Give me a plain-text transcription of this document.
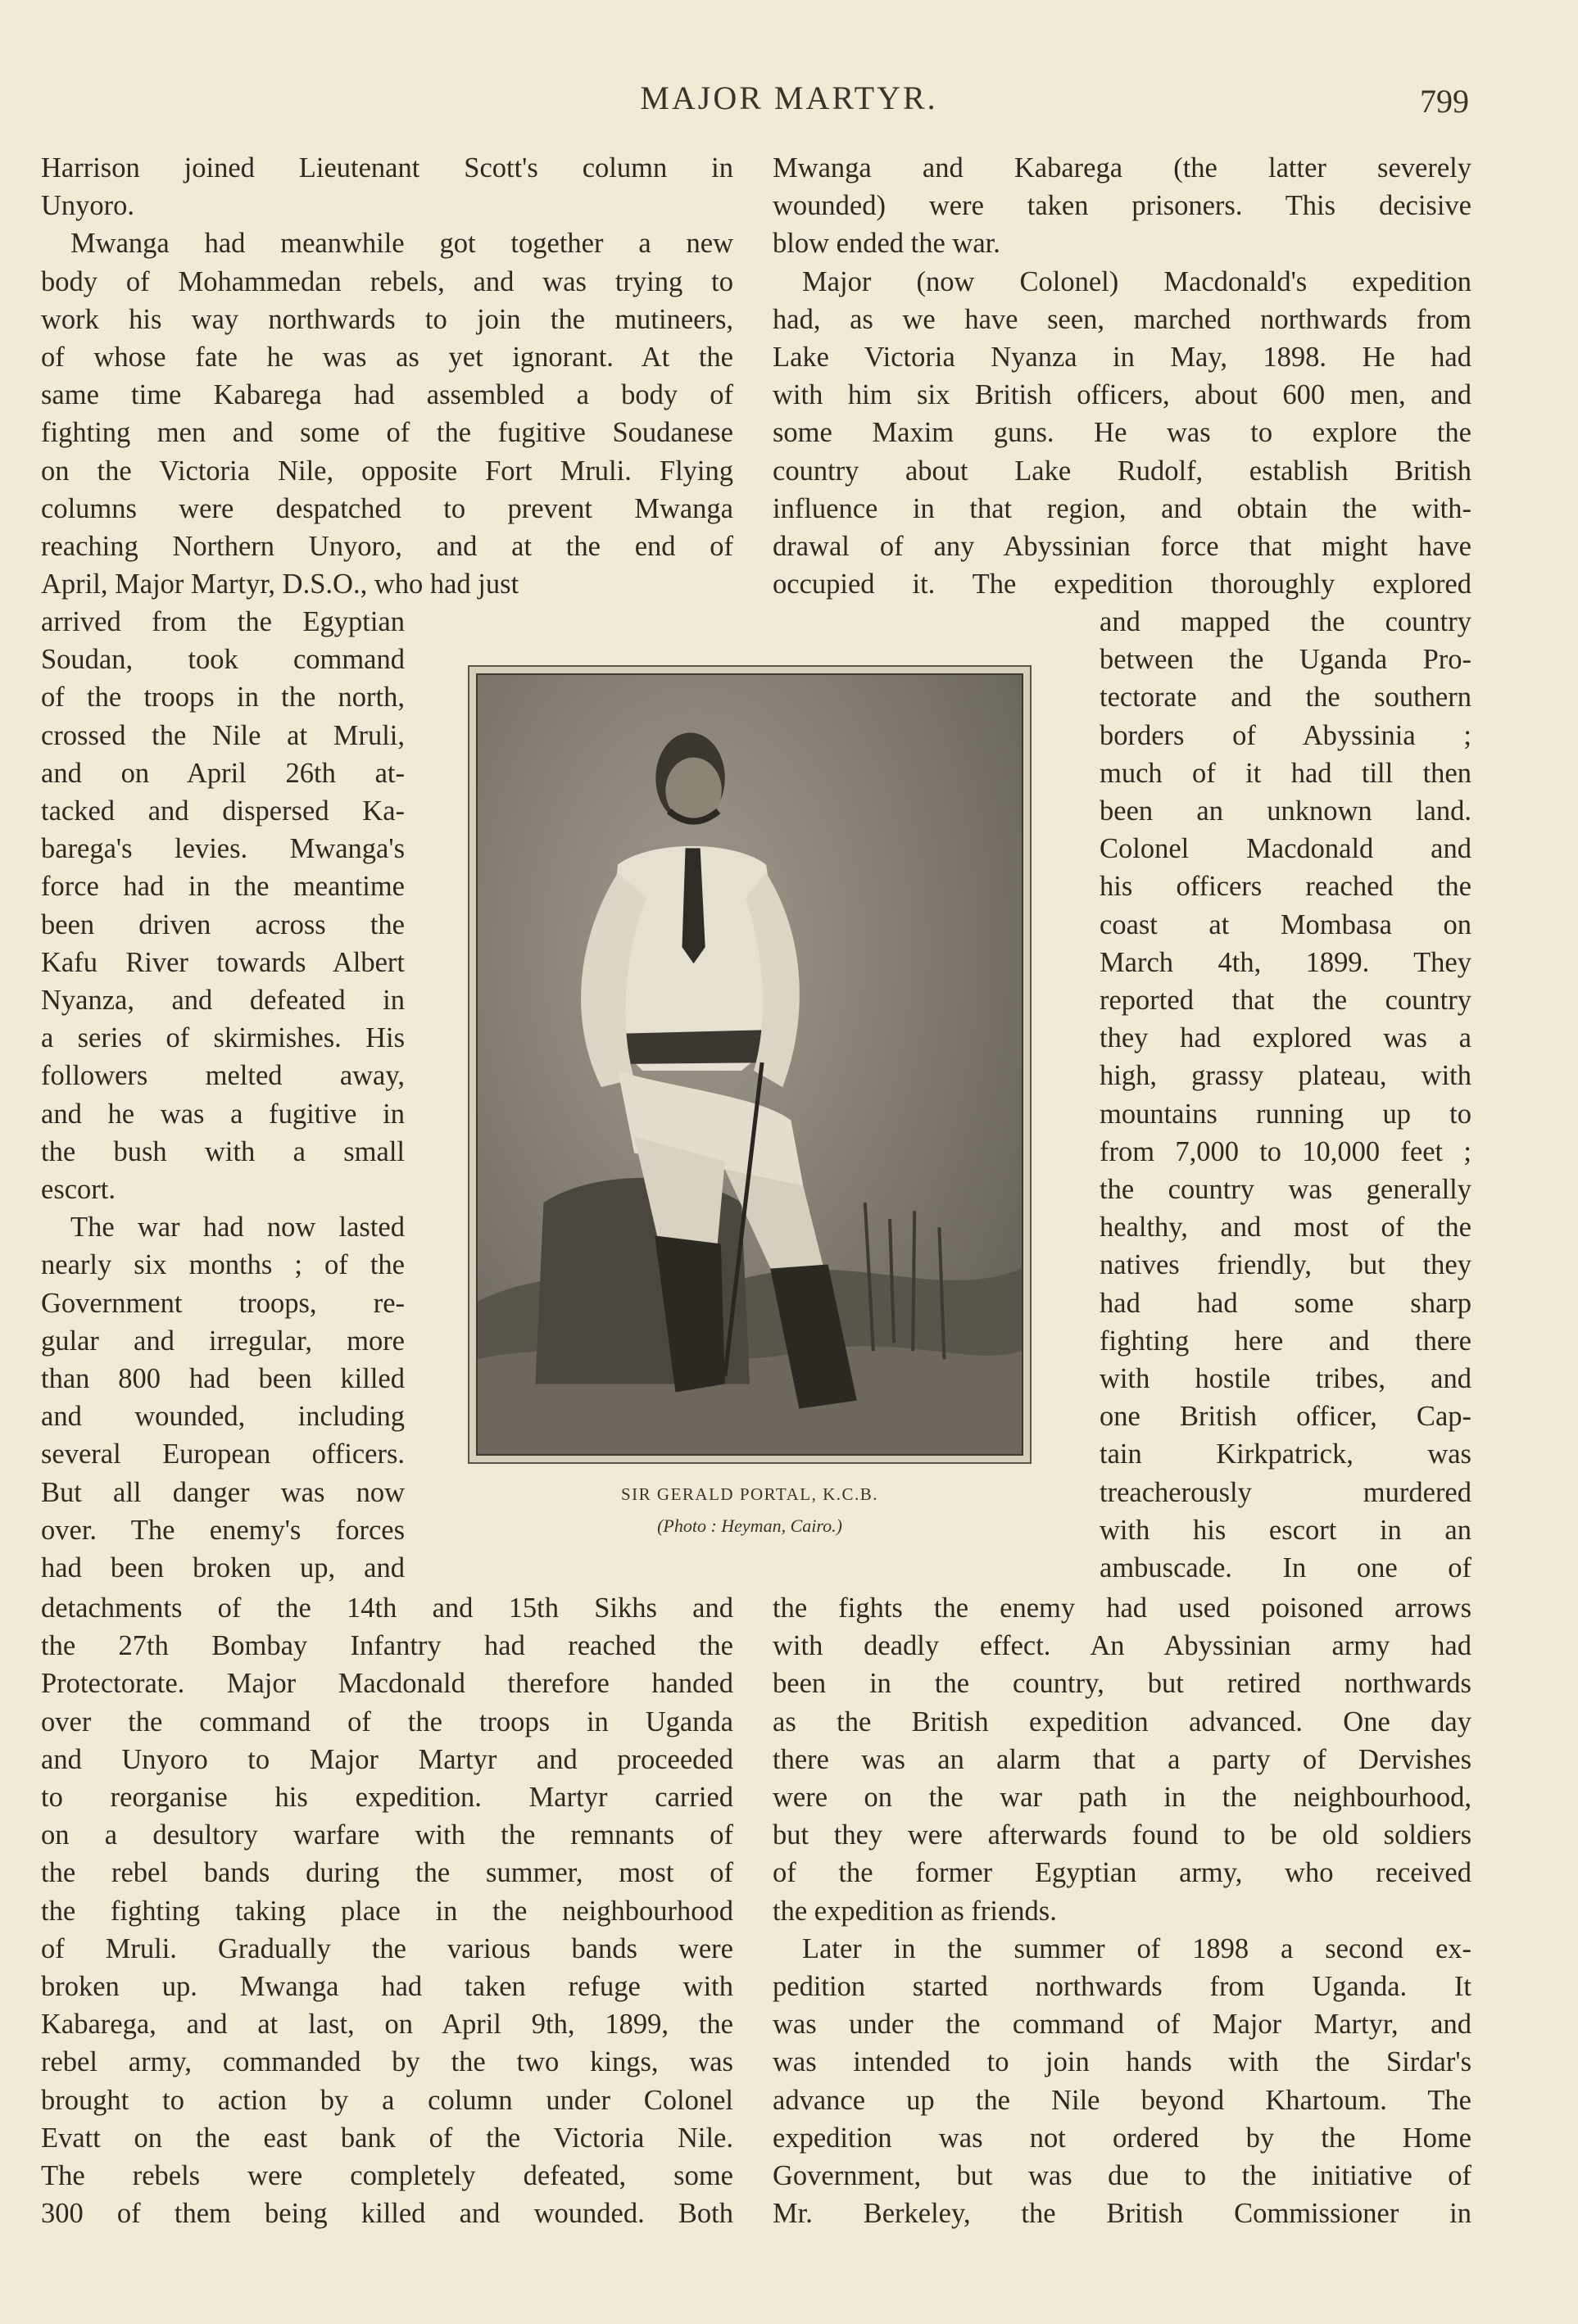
MAJOR MARTYR.	799
Harrison joined Lieutenant Scott's column in
Unyoro.
Mwanga had meanwhile got together a new
body of Mohammedan rebels, and was trying to
work his way northwards to join the mutineers,
of whose fate he was as yet ignorant. At the
same time Kabarega had assembled a body of
fighting men and some of the fugitive Soudanese
on the Victoria Nile, opposite Fort Mruli. Flying
columns were despatched to prevent Mwanga
reaching Northern Unyoro, and at the end of
April, Major Martyr, D.S.O., who had just
arrived from the Egyptian
Soudan, took command
of the troops in the north,
crossed the Nile at Mruli,
and on April 26th at-
tacked and dispersed Ka-
barega's levies. Mwanga's
force had in the meantime
been driven across the
Kafu River towards Albert
Nyanza, and defeated in
a series of skirmishes. His
followers melted away,
and he was a fugitive in
the bush with a small
escort.
The war had now lasted
nearly six months ; of the
Government troops, re-
gular and irregular, more
than 800 had been killed
and wounded, including
several European officers.
But all danger was now
over. The enemy's forces
had been broken up, and
detachments of the 14th and 15th Sikhs and
the 27th Bombay Infantry had reached the
Protectorate. Major Macdonald therefore handed
over the command of the troops in Uganda
and Unyoro to Major Martyr and proceeded
to reorganise his expedition. Martyr carried
on a desultory warfare with the remnants of
the rebel bands during the summer, most of
the fighting taking place in the neighbourhood
of Mruli. Gradually the various bands were
broken up. Mwanga had taken refuge with
Kabarega, and at last, on April 9th, 1899, the
rebel army, commanded by the two kings, was
brought to action by a column under Colonel
Evatt on the east bank of the Victoria Nile.
The rebels were completely defeated, some
300 of them being killed and wounded. Both
Mwanga and Kabarega (the latter severely
wounded) were taken prisoners. This decisive
blow ended the war.
Major (now Colonel) Macdonald's expedition
had, as we have seen, marched northwards from
Lake Victoria Nyanza in May, 1898. He had
with him six British officers, about 600 men, and
some Maxim guns. He was to explore the
country about Lake Rudolf, establish British
influence in that region, and obtain the with-
drawal of any Abyssinian force that might have
occupied it. The expedition thoroughly explored
and mapped the country
between the Uganda Pro-
tectorate and the southern
borders of Abyssinia ;
much of it had till then
been an unknown land.
Colonel Macdonald and
his officers reached the
coast at Mombasa on
March 4th, 1899. They
reported that the country
they had explored was a
high, grassy plateau, with
mountains running up to
from 7,000 to 10,000 feet ;
the country was generally
healthy, and most of the
natives friendly, but they
had had some sharp
fighting here and there
with hostile tribes, and
one British officer, Cap-
tain Kirkpatrick, was
treacherously murdered
with his escort in an
ambuscade. In one of
the fights the enemy had used poisoned arrows
with deadly effect. An Abyssinian army had
been in the country, but retired northwards
as the British expedition advanced. One day
there was an alarm that a party of Dervishes
were on the war path in the neighbourhood,
but they were afterwards found to be old soldiers
of the former Egyptian army, who received
the expedition as friends.
Later in the summer of 1898 a second ex-
pedition started northwards from Uganda. It
was under the command of Major Martyr, and
was intended to join hands with the Sirdar's
advance up the Nile beyond Khartoum. The
expedition was not ordered by the Home
Government, but was due to the initiative of
Mr. Berkeley, the British Commissioner in
SIR GERALD PORTAL, K.C.B.
(Photo : Heyman, Cairo.)
